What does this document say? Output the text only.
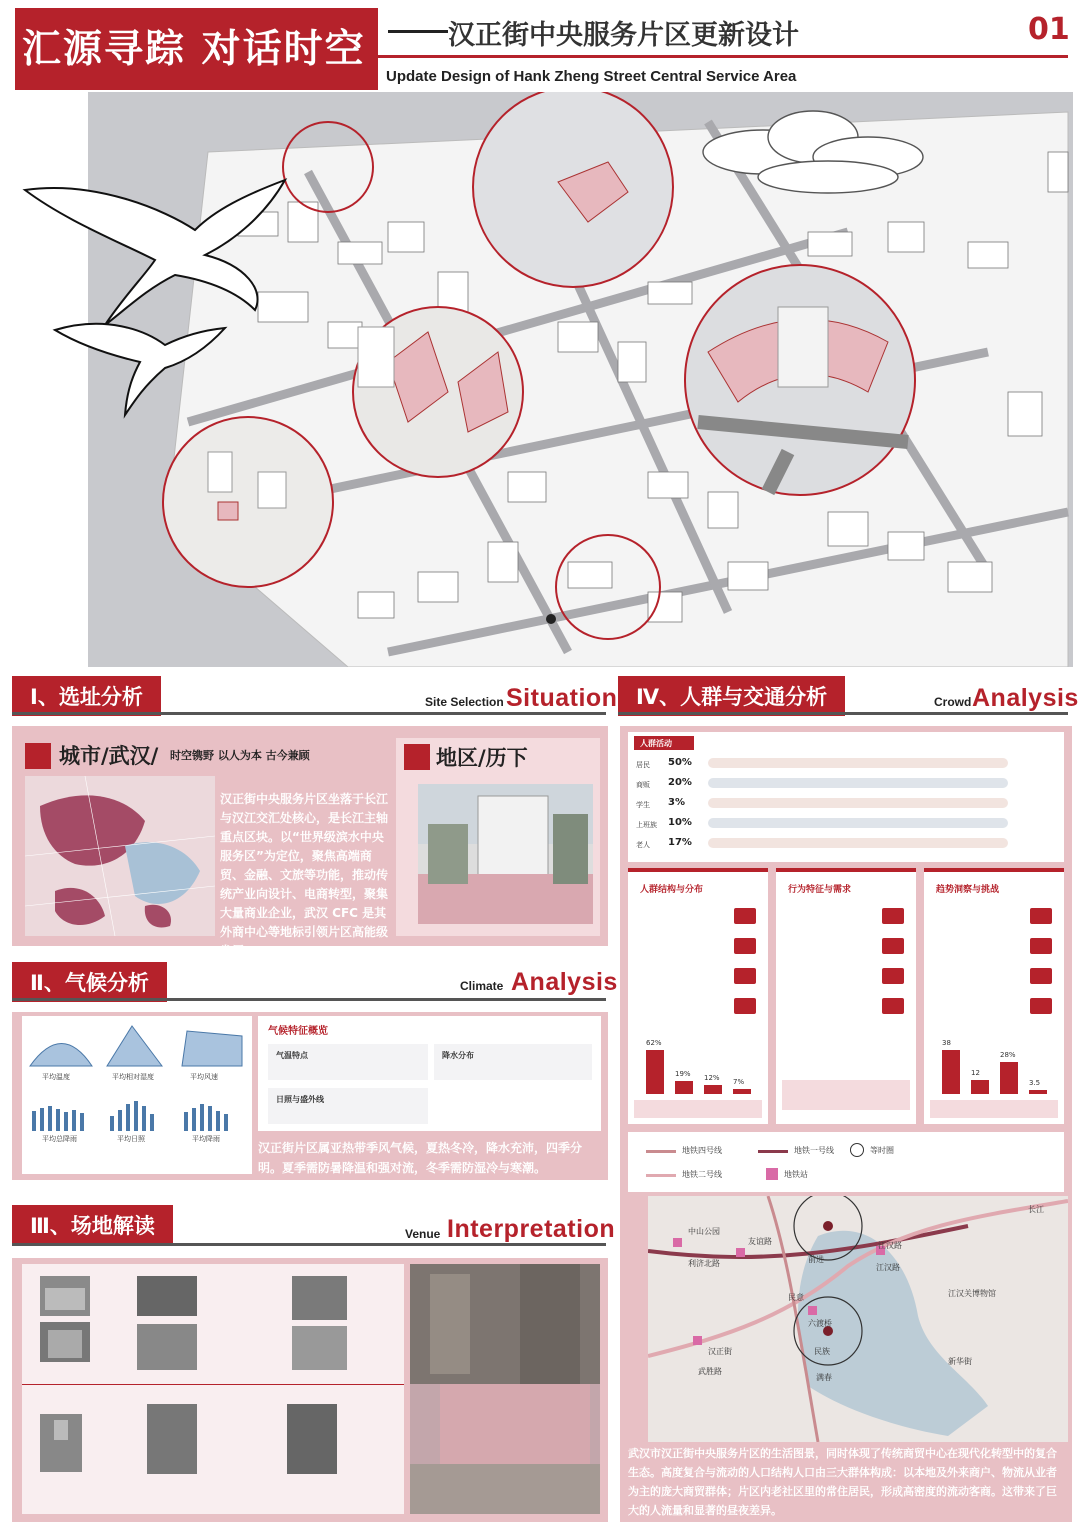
汇源寻踪 对话时空	汉正街中央服务片区更新设计	01
Update Design of Hank Zheng Street Central Service Area
Ⅰ、选址分析	Site Selection Situation
城市/武汉/ 时空镌野 以人为本 古今兼顾
汉正街中央服务片区坐落于长江与汉江交汇处核心，是长江主轴重点区块。以“世界级滨水中央服务区”为定位，聚焦高端商贸、金融、文旅等功能，推动传统产业向设计、电商转型，聚集大量商业企业，武汉 CFC 是其外商中心等地标引领片区高能级发展。
地区/历下
Ⅱ、气候分析	Climate Analysis
平均温度	平均相对湿度	平均风速
平均总降雨	平均日照	平均降雨
气候特征概览
气温特点	降水分布
日照与盛外线
汉正街片区属亚热带季风气候，夏热冬冷，降水充沛，四季分明。夏季需防暑降温和强对流，冬季需防湿冷与寒潮。
Ⅲ、场地解读	Venue Interpretation
Ⅳ、人群与交通分析	Crowd Analysis
人群活动
居民 50%
商贩 20%
学生 3%
上班族 10%
老人 17%
人群结构与分布
62%
19% 12% 7%
行为特征与需求	趋势洞察与挑战
38
12
28%
3.5
地铁四号线	地铁一号线	等时圈
地铁二号线	地铁站
中山公园
友谊路
前进
江汉路
利济北路
民意
江汉路
江汉关博物馆
六渡桥
汉正街
武胜路
民族
满春
新华街
长江
武汉市汉正街中央服务片区的生活图景，同时体现了传统商贸中心在现代化转型中的复合生态。高度复合与流动的人口结构人口由三大群体构成：以本地及外来商户、物流从业者为主的庞大商贸群体；片区内老社区里的常住居民，形成高密度的流动客商。这带来了巨大的人流量和显著的昼夜差异。
